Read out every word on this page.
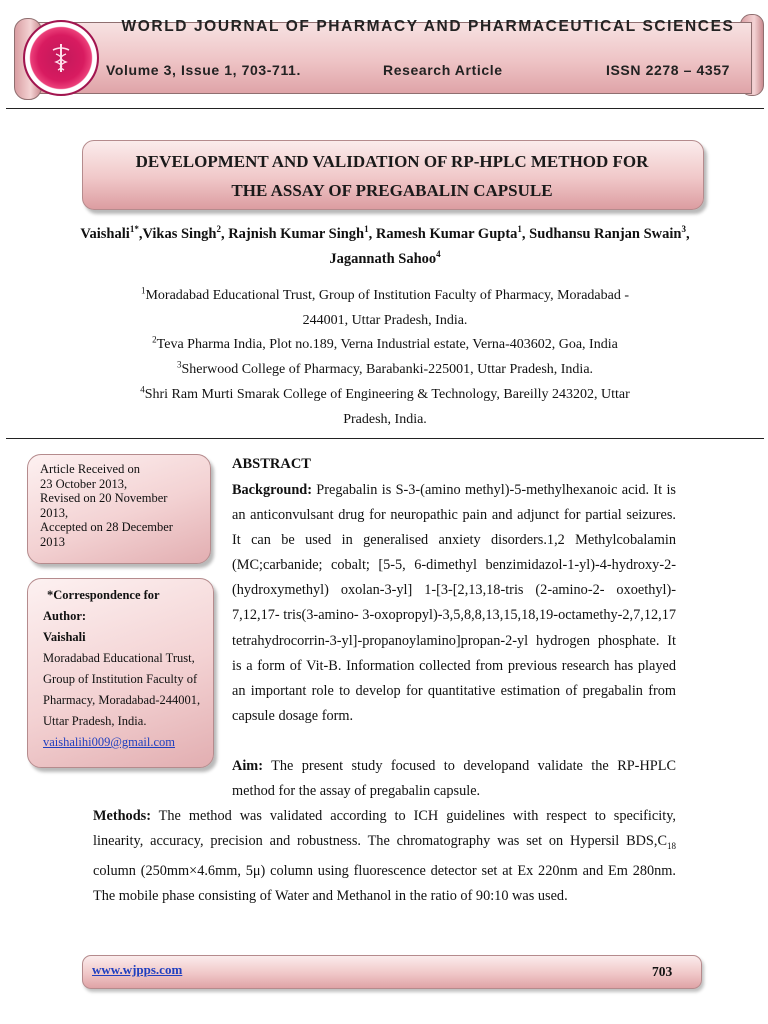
WORLD JOURNAL OF PHARMACY AND PHARMACEUTICAL SCIENCES
Volume 3, Issue 1, 703-711.	Research Article	ISSN 2278 – 4357
DEVELOPMENT AND VALIDATION OF RP-HPLC METHOD FOR
THE ASSAY OF PREGABALIN CAPSULE
Vaishali$^{1*}$,Vikas Singh$^2$, Rajnish Kumar Singh$^1$, Ramesh Kumar Gupta$^1$, Sudhansu Ranjan Swain$^3$, Jagannath Sahoo$^4$
$^1$Moradabad Educational Trust, Group of Institution Faculty of Pharmacy, Moradabad -
244001, Uttar Pradesh, India.
$^2$Teva Pharma India, Plot no.189, Verna Industrial estate, Verna-403602, Goa, India
$^3$Sherwood College of Pharmacy, Barabanki-225001, Uttar Pradesh, India.
$^4$Shri Ram Murti Smarak College of Engineering & Technology, Bareilly 243202, Uttar
Pradesh, India.
Article Received on
23 October 2013,
Revised on 20 November
2013,
Accepted on 28 December
2013
*Correspondence for
Author:
Vaishali
Moradabad Educational Trust, Group of Institution Faculty of Pharmacy, Moradabad-244001, Uttar Pradesh, India.
vaishalihi009@gmail.com
ABSTRACT
Background: Pregabalin is S-3-(amino methyl)-5-methylhexanoic acid. It is an anticonvulsant drug for neuropathic pain and adjunct for partial seizures. It can be used in generalised anxiety disorders.1,2 Methylcobalamin (MC;carbanide; cobalt; [5-5, 6-dimethyl benzimidazol-1-yl)-4-hydroxy-2-(hydroxymethyl) oxolan-3-yl] 1-[3-[2,13,18-tris (2-amino-2- oxoethyl)- 7,12,17- tris(3-amino- 3-oxopropyl)-3,5,8,8,13,15,18,19-octamethy-2,7,12,17 tetrahydrocorrin-3-yl]-propanoylamino]propan-2-yl hydrogen phosphate. It is a form of Vit-B. Information collected from previous research has played an important role to develop for quantitative estimation of pregabalin from capsule dosage form.
Aim: The present study focused to developand validate the RP-HPLC method for the assay of pregabalin capsule.
Methods: The method was validated according to ICH guidelines with respect to specificity, linearity, accuracy, precision and robustness. The chromatography was set on Hypersil $BDS,C_{18}$ column (250mm×4.6mm, 5μ) column using fluorescence detector set at Ex 220nm and Em 280nm. The mobile phase consisting of Water and Methanol in the ratio of 90:10 was used.
www.wjpps.com	703
